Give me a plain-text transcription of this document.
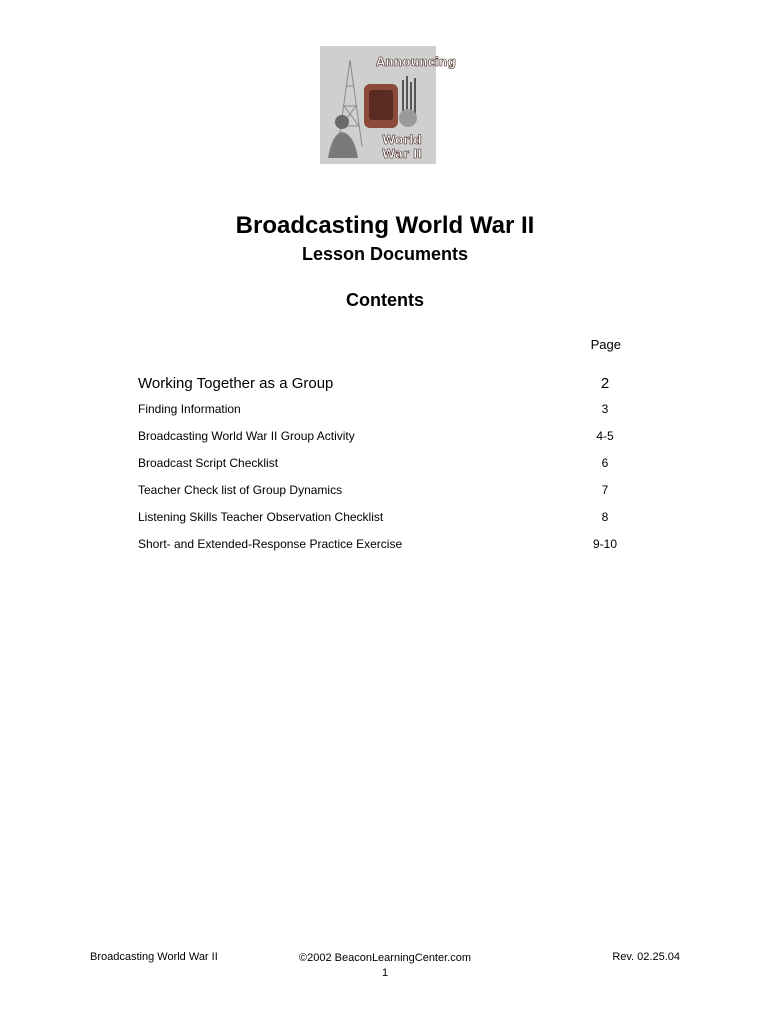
Announcing
World
War II
Broadcasting World War II
Lesson Documents
Contents
Page
Working Together as a Group	2
Finding Information	3
Broadcasting World War II Group Activity	4-5
Broadcast Script Checklist	6
Teacher Check list of Group Dynamics	7
Listening Skills Teacher Observation Checklist	8
Short- and Extended-Response Practice Exercise	9-10
Broadcasting World War II	©2002 BeaconLearningCenter.com
1
Rev. 02.25.04
